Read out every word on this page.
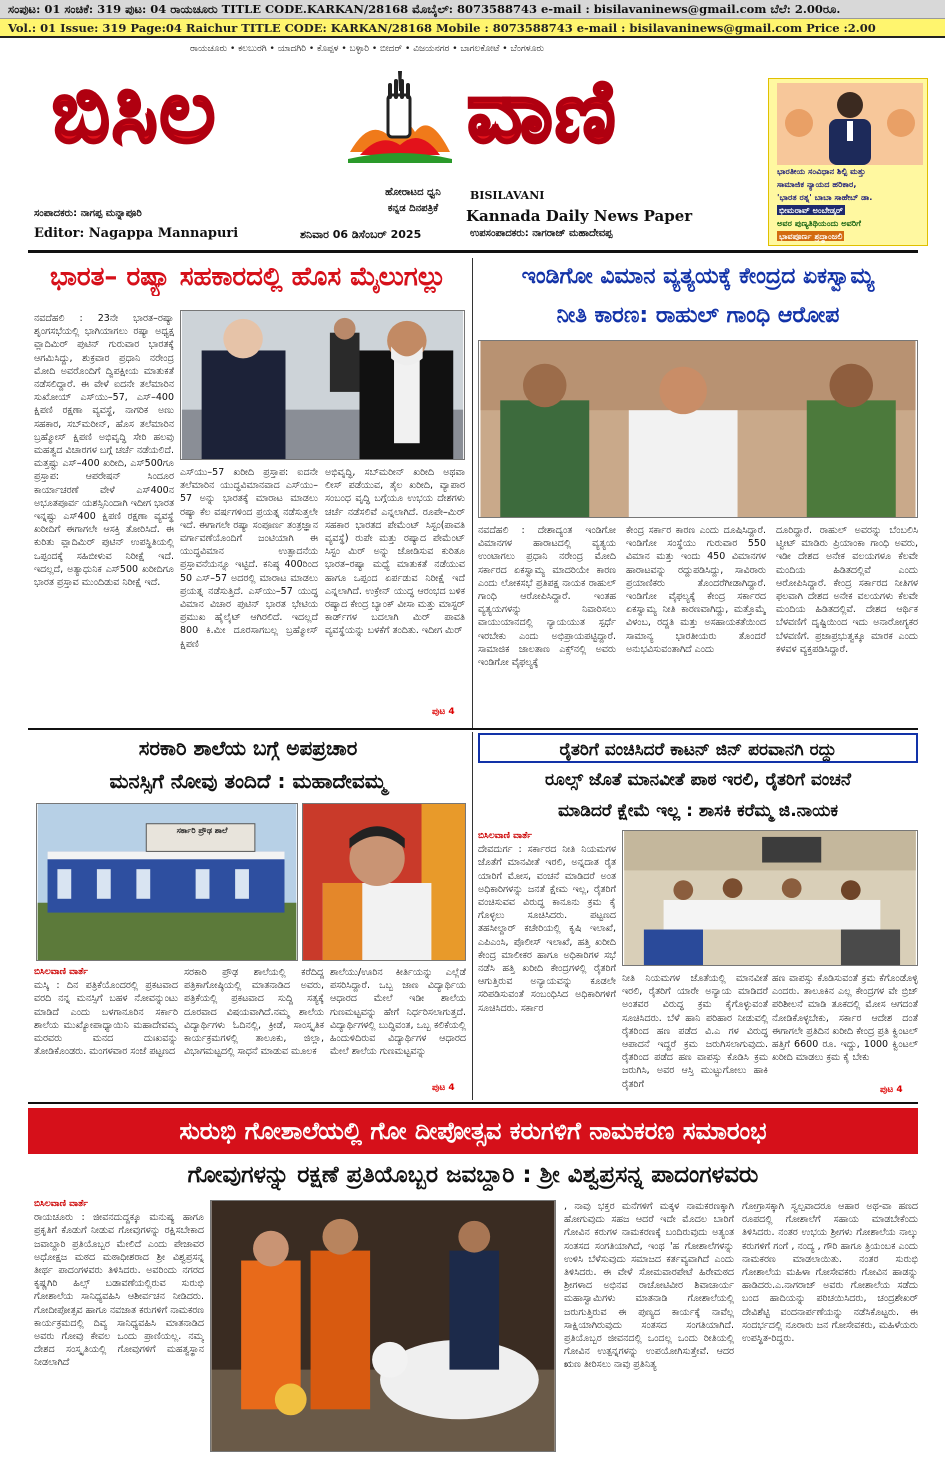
ಸಂಪುಟ: 01 ಸಂಚಿಕೆ: 319 ಪುಟ: 04 ರಾಯಚೂರು TITLE CODE.KARKAN/28168 ಮೊಬೈಲ್: 8073588743 e-mail : bisilavaninews@gmail.com ಬೆಲೆ: 2.00ರೂ.
Vol.: 01 Issue: 319 Page:04 Raichur TITLE CODE: KARKAN/28168 Mobile : 8073588743 e-mail : bisilavaninews@gmail.com Price :2.00
ರಾಯಚೂರು • ಕಲಬುರಗಿ • ಯಾದಗಿರಿ • ಕೊಪ್ಪಳ • ಬಳ್ಳಾರಿ • ಬೀದರ್ • ವಿಜಯನಗರ • ಬಾಗಲಕೋಟೆ • ಬೆಂಗಳೂರು
ಬಿಸಿಲ	ವಾಣಿ
ಹೋರಾಟದ ಧ್ವನಿ
ಕನ್ನಡ ದಿನಪತ್ರಿಕೆ
BISILAVANI
Kannada Daily News Paper
ಸಂಪಾದಕರು: ನಾಗಪ್ಪ ಮನ್ನಾಪೂರಿ
Editor: Nagappa Mannapuri	ಶನಿವಾರ 06 ಡಿಸೆಂಬರ್ 2025	ಉಪಸಂಪಾದಕರು: ನಾಗರಾಜ್ ಮಹಾದೇವಪ್ಪ
ಭಾರತೀಯ ಸಂವಿಧಾನ ಶಿಲ್ಪಿ ಮತ್ತು
ಸಾಮಾಜಿಕ ನ್ಯಾಯದ ಹರಿಕಾರ,
'ಭಾರತ ರತ್ನ' ಬಾಬಾ ಸಾಹೇಬ್ ಡಾ.
ಭೀಮರಾವ್ ಅಂಬೇಡ್ಕರ್
ಅವರ ಪುಣ್ಯತಿಥಿಯಂದು ಅವರಿಗೆ
ಭಾವಪೂರ್ಣ ಶ್ರದ್ಧಾಂಜಲಿ
ಭಾರತ– ರಷ್ಯಾ ಸಹಕಾರದಲ್ಲಿ ಹೊಸ ಮೈಲುಗಲ್ಲು
ನವದೆಹಲಿ : 23ನೇ ಭಾರತ–ರಷ್ಯಾ ಶೃಂಗಸಭೆಯಲ್ಲಿ ಭಾಗಿಯಾಗಲು ರಷ್ಯಾ ಅಧ್ಯಕ್ಷ ವ್ಲಾದಿಮಿರ್ ಪುಟಿನ್ ಗುರುವಾರ ಭಾರತಕ್ಕೆ ಆಗಮಿಸಿದ್ದು, ಶುಕ್ರವಾರ ಪ್ರಧಾನಿ ನರೇಂದ್ರ ಮೋದಿ ಅವರೊಂದಿಗೆ ದ್ವಿಪಕ್ಷೀಯ ಮಾತುಕತೆ ನಡೆಸಲಿದ್ದಾರೆ. ಈ ವೇಳೆ ಐದನೇ ತಲೆಮಾರಿನ ಸುಖೋಯ್ ಎಸ್‌ಯು–57, ಎಸ್–400 ಕ್ಷಿಪಣಿ ರಕ್ಷಣಾ ವ್ಯವಸ್ಥೆ, ನಾಗರಿಕ ಅಣು ಸಹಕಾರ, ಸಬ್‌ಮರೀನ್, ಹೊಸ ತಲೆಮಾರಿನ ಬ್ರಹ್ಮೋಸ್ ಕ್ಷಿಪಣಿ ಅಭಿವೃದ್ಧಿ ಸೇರಿ ಹಲವು ಮಹತ್ವದ ವಿಚಾರಗಳ ಬಗ್ಗೆ ಚರ್ಚೆ ನಡೆಯಲಿದೆ. ಮತ್ತಷ್ಟು ಎಸ್–400 ಖರೀದಿ, ಎಸ್500ಗೂ ಪ್ರಸ್ತಾಪ: ಆಪರೇಷನ್ ಸಿಂದೂರ ಕಾರ್ಯಾಚರಣೆ ವೇಳೆ ಎಸ್400ನ ಅಭೂತಪೂರ್ವ ಯಶಸ್ಸಿನಿಂದಾಗಿ ಇದೀಗ ಭಾರತ ಇನ್ನಷ್ಟು ಎಸ್400 ಕ್ಷಿಪಣಿ ರಕ್ಷಣಾ ವ್ಯವಸ್ಥೆ ಖರೀದಿಗೆ ಈಗಾಗಲೇ ಆಸಕ್ತಿ ತೋರಿಸಿದೆ. ಈ ಕುರಿತು ವ್ಲಾದಿಮಿರ್ ಪುಟಿನ್ ಉಪಸ್ಥಿತಿಯಲ್ಲಿ ಒಪ್ಪಂದಕ್ಕೆ ಸಹಿಬೀಳುವ ನಿರೀಕ್ಷೆ ಇದೆ. ಇದಲ್ಲದೆ, ಅತ್ಯಾಧುನಿಕ ಎಸ್500 ಖರೀದಿಗೂ ಭಾರತ ಪ್ರಸ್ತಾವ ಮುಂದಿಡುವ ನಿರೀಕ್ಷೆ ಇದೆ.
ಎಸ್‌ಯು–57 ಖರೀದಿ ಪ್ರಸ್ತಾಪ: ಐದನೇ ತಲೆಮಾರಿನ ಯುದ್ಧವಿಮಾನವಾದ ಎಸ್‌ಯು–57 ಅನ್ನು ಭಾರತಕ್ಕೆ ಮಾರಾಟ ಮಾಡಲು ರಷ್ಯಾ ಕೆಲ ವರ್ಷಗಳಿಂದ ಪ್ರಯತ್ನ ನಡೆಸುತ್ತಲೇ ಇದೆ. ಈಗಾಗಲೇ ರಷ್ಯಾ ಸಂಪೂರ್ಣ ತಂತ್ರಜ್ಞಾನ ವರ್ಗಾವಣೆಯೊಂದಿಗೆ ಜಂಟಿಯಾಗಿ ಈ ಯುದ್ಧವಿಮಾನ ಉತ್ಪಾದನೆಯ ಪ್ರಸ್ತಾವನೆಯನ್ನೂ ಇಟ್ಟಿದೆ. ಕನಿಷ್ಠ 400ರಿಂದ 50 ಎಸ್‌–57 ಅದರಲ್ಲಿ ಮಾರಾಟ ಮಾಡಲು ಪ್ರಯತ್ನ ನಡೆಸುತ್ತಿದೆ. ಎಸ್‌ಯು–57 ಯುದ್ಧ ವಿಮಾನ ವಿಚಾರ ಪುಟಿನ್ ಭಾರತ ಭೇಟಿಯ ಪ್ರಮುಖ ಹೈಲೈಟ್ ಆಗಿರಲಿದೆ. ಇದಲ್ಲದೆ 800 ಕಿ.ಮೀ ದೂರಸಾಗಬಲ್ಲ ಬ್ರಹ್ಮೋಸ್ ಕ್ಷಿಪಣಿ
ಅಭಿವೃದ್ಧಿ, ಸಬ್‌ಮರೀನ್ ಖರೀದಿ ಅಥವಾ ಲೀಸ್ ಪಡೆಯುವ, ತೈಲ ಖರೀದಿ, ವ್ಯಾಪಾರ ಸಂಬಂಧ ವೃದ್ಧಿ ಬಗ್ಗೆಯೂ ಉಭಯ ದೇಶಗಳು ಚರ್ಚೆ ನಡೆಸಲಿವೆ ಎನ್ನಲಾಗಿದೆ. ರೂಪೇ–ಮಿರ್ ಸಹಕಾರ ಭಾರತದ ಪೇಮೆಂಟ್ ಸಿಸ್ಟಂ(ಪಾವತಿ ವ್ಯವಸ್ಥೆ) ರುಪೇ ಮತ್ತು ರಷ್ಯಾದ ಪೇಮೆಂಟ್ ಸಿಸ್ಟಂ ಮಿರ್ ಅನ್ನು ಜೋಡಿಸುವ ಕುರಿತೂ ಭಾರತ–ರಷ್ಯಾ ಮಧ್ಯೆ ಮಾತುಕತೆ ನಡೆಯುವ ಹಾಗೂ ಒಪ್ಪಂದ ಏರ್ಪಡುವ ನಿರೀಕ್ಷೆ ಇದೆ ಎನ್ನಲಾಗಿದೆ. ಉಕ್ರೇನ್ ಯುದ್ಧ ಆರಂಭದ ಬಳಿಕ ರಷ್ಯಾದ ಕೇಂದ್ರ ಬ್ಯಾಂಕ್ ವೀಸಾ ಮತ್ತು ಮಾಸ್ಟರ್ ಕಾರ್ಡ್‌ಗಳ ಬದಲಾಗಿ ಮಿರ್ ಪಾವತಿ ವ್ಯವಸ್ಥೆಯನ್ನು ಬಳಕೆಗೆ ತಂದಿತು. ಇದೀಗ ಮಿರ್
ಪುಟ 4
ಇಂಡಿಗೋ ವಿಮಾನ ವ್ಯತ್ಯಯಕ್ಕೆ ಕೇಂದ್ರದ ಏಕಸ್ವಾಮ್ಯ
ನೀತಿ ಕಾರಣ: ರಾಹುಲ್ ಗಾಂಧಿ ಆರೋಪ
ನವದೆಹಲಿ : ದೇಶಾದ್ಯಂತ ಇಂಡಿಗೋ ವಿಮಾನಗಳ ಹಾರಾಟದಲ್ಲಿ ವ್ಯತ್ಯಯ ಉಂಟಾಗಲು ಪ್ರಧಾನಿ ನರೇಂದ್ರ ಮೋದಿ ಸರ್ಕಾರದ ಏಕಸ್ವಾಮ್ಯ ಮಾದರಿಯೇ ಕಾರಣ ಎಂದು ಲೋಕಸಭೆ ಪ್ರತಿಪಕ್ಷ ನಾಯಕ ರಾಹುಲ್ ಗಾಂಧಿ ಆರೋಪಿಸಿದ್ದಾರೆ. ಇಂತಹ ವ್ಯತ್ಯಯಗಳನ್ನು ನಿವಾರಿಸಲು ವಾಯುಯಾನದಲ್ಲಿ ನ್ಯಾಯಯುತ ಸ್ಪರ್ಧೆ ಇರಬೇಕು ಎಂದು ಅಭಿಪ್ರಾಯಪಟ್ಟಿದ್ದಾರೆ. ಸಾಮಾಜಿಕ ಜಾಲತಾಣ ಎಕ್ಸ್‌ನಲ್ಲಿ ಅವರು ಇಂಡಿಗೋ ವೈಫಲ್ಯಕ್ಕೆ
ಕೇಂದ್ರ ಸರ್ಕಾರ ಕಾರಣ ಎಂದು ದೂಷಿಸಿದ್ದಾರೆ. ಇಂಡಿಗೋ ಸಂಸ್ಥೆಯು ಗುರುವಾರ 550 ವಿಮಾನ ಮತ್ತು ಇಂದು 450 ವಿಮಾನಗಳ ಹಾರಾಟವನ್ನು ರದ್ದುಪಡಿಸಿದ್ದು, ಸಾವಿರಾರು ಪ್ರಯಾಣಿಕರು ತೊಂದರೆಗೀಡಾಗಿದ್ದಾರೆ. ಇಂಡಿಗೋ ವೈಫಲ್ಯಕ್ಕೆ ಕೇಂದ್ರ ಸರ್ಕಾರದ ಏಕಸ್ವಾಮ್ಯ ನೀತಿ ಕಾರಣವಾಗಿದ್ದು, ಮತ್ತೊಮ್ಮೆ ವಿಳಂಬ, ರದ್ದತಿ ಮತ್ತು ಅಸಹಾಯಕತೆಯಿಂದ ಸಾಮಾನ್ಯ ಭಾರತೀಯರು ತೊಂದರೆ ಅನುಭವಿಸುವಂತಾಗಿದೆ ಎಂದು
ದೂರಿದ್ದಾರೆ. ರಾಹುಲ್ ಅವರನ್ನು ಬೆಂಬಲಿಸಿ ಟ್ವೀಟ್ ಮಾಡಿರು ಪ್ರಿಯಾಂಕಾ ಗಾಂಧಿ ಅವರು, ಇಡೀ ದೇಶದ ಅನೇಕ ವಲಯಗಳೂ ಕೆಲವೇ ಮಂದಿಯ ಹಿಡಿತದಲ್ಲಿವೆ ಎಂದು ಆರೋಪಿಸಿದ್ದಾರೆ. ಕೇಂದ್ರ ಸರ್ಕಾರದ ನೀತಿಗಳ ಫಲವಾಗಿ ದೇಶದ ಅನೇಕ ವಲಯಗಳು ಕೆಲವೇ ಮಂದಿಯ ಹಿಡಿತದಲ್ಲಿವೆ. ದೇಶದ ಆರ್ಥಿಕ ಬೆಳವಣಿಗೆ ದೃಷ್ಟಿಯಿಂದ ಇದು ಅನಾರೋಗ್ಯಕರ ಬೆಳವಣಿಗೆ. ಪ್ರಜಾಪ್ರಭುತ್ವಕ್ಕೂ ಮಾರಕ ಎಂದು ಕಳವಳ ವ್ಯಕ್ತಪಡಿಸಿದ್ದಾರೆ.
ಸರಕಾರಿ ಶಾಲೆಯ ಬಗ್ಗೆ ಅಪಪ್ರಚಾರ
ಮನಸ್ಸಿಗೆ ನೋವು ತಂದಿದೆ : ಮಹಾದೇವಮ್ಮ
ಸರ್ಕಾರಿ ಪ್ರೌಢ ಶಾಲೆ
ಬಿಸಿಲವಾಣಿ ವಾರ್ತೆ
ಮಸ್ಕಿ : ದಿನ ಪತ್ರಿಕೆಯೊಂದರಲ್ಲಿ ಪ್ರಕಟವಾದ ವರದಿ ನನ್ನ ಮನಸ್ಸಿಗೆ ಬಹಳ ನೋವನ್ನುಂಟು ಮಾಡಿದೆ ಎಂದು ಬಳಗಾನೂರಿನ ಸರ್ಕಾರಿ ಶಾಲೆಯ ಮುಖ್ಯೋಪಾಧ್ಯಾಯಿನಿ ಮಹಾದೇವಮ್ಮ ಮರವರು ಮನದ ದುಃಖವನ್ನು ತೋಡಿಕೊಂಡರು. ಮಂಗಳವಾರ ಸಂಜೆ ಪಟ್ಟಣದ
ಸರಕಾರಿ ಪ್ರೌಢ ಶಾಲೆಯಲ್ಲಿ ಕರೆದಿದ್ದ ಪತ್ರಿಕಾಗೋಷ್ಠಿಯಲ್ಲಿ ಮಾತನಾಡಿದ ಅವರು, ಪತ್ರಿಕೆಯಲ್ಲಿ ಪ್ರಕಟವಾದ ಸುದ್ದಿ ಸತ್ಯಕ್ಕೆ ದೂರವಾದ ವಿಷಯವಾಗಿದೆ.ನಮ್ಮ ಶಾಲೆಯ ವಿದ್ಯಾರ್ಥಿಗಳು ಓದಿನಲ್ಲಿ, ಕ್ರೀಡೆ, ಸಾಂಸ್ಕೃತಿಕ ಕಾರ್ಯಕ್ರಮಗಳಲ್ಲಿ ತಾಲೂಕು, ಜಿಲ್ಲಾ, ವಿಭಾಗಮಟ್ಟದಲ್ಲಿ ಸಾಧನೆ ಮಾಡುವ ಮೂಲಕ
ಶಾಲೆಯು/ಊರಿನ ಕೀರ್ತಿಯನ್ನು ಎಲ್ಲೆಡೆ ಪಸರಿಸಿದ್ದಾರೆ. ಒಬ್ಬ ಜಾಣ ವಿದ್ಯಾರ್ಥಿಯ ಆಧಾರದ ಮೇಲೆ ಇಡೀ ಶಾಲೆಯ ಗುಣಮಟ್ಟವನ್ನು ಹೇಗೆ ನಿರ್ಧರಿಸಲಾಗುತ್ತದೆ. ವಿದ್ಯಾರ್ಥಿಗಳಲ್ಲಿ ಬುದ್ಧಿವಂತ, ಒಬ್ಬ ಕಲಿಕೆಯಲ್ಲಿ ಹಿಂದುಳಿದಿರುವ ವಿದ್ಯಾರ್ಥಿಗಳ ಆಧಾರದ ಮೇಲೆ ಶಾಲೆಯ ಗುಣಮಟ್ಟವನ್ನು
ಪುಟ 4
ರೈತರಿಗೆ ವಂಚಿಸಿದರೆ ಕಾಟನ್ ಜಿನ್ ಪರವಾನಗಿ ರದ್ದು
ರೂಲ್ಸ್ ಜೊತೆ ಮಾನವೀತೆ ಪಾಠ ಇರಲಿ, ರೈತರಿಗೆ ವಂಚನೆ
ಮಾಡಿದರೆ ಕ್ಷೇಮೆ ಇಲ್ಲ : ಶಾಸಕಿ ಕರೆಮ್ಮ ಜಿ.ನಾಯಕ
ಬಿಸಿಲವಾಣಿ ವಾರ್ತೆ
ದೇವದುರ್ಗ : ಸರ್ಕಾರದ ನೀತಿ ನಿಯಮಗಳ ಜೊತೆಗೆ ಮಾನವೀತೆ ಇರಲಿ, ಅನ್ನದಾತ ರೈತ ಯಾರಿಗೆ ಮೋಸ, ವಂಚನೆ ಮಾಡಿದರೆ ಅಂತ ಅಧಿಕಾರಿಗಳನ್ನು ಜನತೆ ಕ್ಷೇಮ ಇಲ್ಲ, ರೈತರಿಗೆ ವಂಚಿಸುವವ ವಿರುದ್ಧ ಕಾನೂನು ಕ್ರಮ ಕೈ ಗೊಳ್ಳಲು ಸೂಚಿಸಿದರು. ಪಟ್ಟಣದ ತಹಸೀಲ್ದಾರ್ ಕಚೇರಿಯಲ್ಲಿ ಕೃಷಿ ಇಲಾಖೆ, ಎಪಿಎಂಸಿ, ಪೊಲೀಸ್ ಇಲಾಖೆ, ಹತ್ತಿ ಖರೀದಿ ಕೇಂದ್ರ ಮಾಲೀಕರ ಹಾಗೂ ಅಧಿಕಾರಿಗಳ ಸಭೆ ನಡೆಸಿ ಹತ್ತಿ ಖರೀದಿ ಕೇಂದ್ರಗಳಲ್ಲಿ ರೈತರಿಗೆ ಆಗುತ್ತಿರುವ ಅನ್ಯಾಯವನ್ನು ಕೂಡಲೇ ಸರಿಪಡಿಸುವಂತೆ ಸಂಬಂಧಿಸಿದ ಅಧಿಕಾರಿಗಳಿಗೆ ಸೂಚಿಸಿದರು. ಸರ್ಕಾರ
ನೀತಿ ನಿಯಮಗಳ ಜೊತೆಯಲ್ಲಿ ಮಾನವೀತೆ ಇರಲಿ, ರೈತರಿಗೆ ಯಾರೇ ಅನ್ಯಾಯ ಮಾಡಿದರೆ ಅಂತವರ ವಿರುದ್ಧ ಕ್ರಮ ಕೈಗೊಳ್ಳುವಂತೆ ಸೂಚಿಸಿದರು. ಬೆಳೆ ಹಾನಿ ಪರಿಹಾರ ನೀಡುವಲ್ಲಿ ರೈತರಿಂದ ಹಣ ಪಡೆದ ವಿ.ಎ ಗಳ ವಿರುದ್ಧ ಆಪಾದನೆ ಇದ್ದರೆ ಕ್ರಮ ಜರುಗಿಸಲಾಗುವುದು. ರೈತರಿಂದ ಪಡೆದ ಹಣ ವಾಪಸ್ಸು ಕೊಡಿಸಿ ಕ್ರಮ ಜರುಗಿಸಿ, ಅವರ ಆಸ್ತಿ ಮುಟ್ಟುಗೋಲು ಹಾಕಿ ರೈತರಿಗೆ
ಹಣ ವಾಪಸ್ಸು ಕೊಡಿಸುವಂತೆ ಕ್ರಮ ಕೆಗೊಂಡೊಳ್ಳಿ ಎಂದರು. ತಾಲೂಕಿನ ಎಲ್ಲ ಕೇಂದ್ರಗಳ ವೇ ಬ್ರಿಜ್ ಪರಿಶೀಲನೆ ಮಾಡಿ ತೂಕದಲ್ಲಿ ಮೋಸ ಆಗದಂತೆ ನೋಡಿಕೊಳ್ಳಬೇಕು, ಸರ್ಕಾರ ಆದೇಶ ದಂತೆ ಈಗಾಗಲೇ ಪ್ರತಿದಿನ ಖರೀದಿ ಕೇಂದ್ರ ಪ್ರತಿ ಕ್ವಿಂಟಲ್ ಹತ್ತಿಗೆ 6600 ರೂ. ಇದ್ದು, 1000 ಕ್ವಿಂಟಲ್ ಖರೀದಿ ಮಾಡಲು ಕ್ರಮ ಕೈ ಬೇಕು
ಪುಟ 4
ಸುರುಭಿ ಗೋಶಾಲೆಯಲ್ಲಿ ಗೋ ದೀಪೋತ್ಸವ ಕರುಗಳಿಗೆ ನಾಮಕರಣ ಸಮಾರಂಭ
ಗೋವುಗಳನ್ನು ರಕ್ಷಣೆ ಪ್ರತಿಯೊಬ್ಬರ ಜವಬ್ದಾರಿ : ಶ್ರೀ ವಿಶ್ವಪ್ರಸನ್ನ ಪಾದಂಗಳವರು
ಬಿಸಿಲವಾಣಿ ವಾರ್ತೆ
ರಾಯಚೂರು : ಜೀವನದುದ್ದಕ್ಕೂ ಮನುಷ್ಯ ಹಾಗೂ ಪ್ರಕೃತಿಗೆ ಕೊಡುಗೆ ನೀಡುವ ಗೋವುಗಳನ್ನು ರಕ್ಷಿಸಬೇಕಾದ ಜವಾಬ್ದಾರಿ ಪ್ರತಿಯೊಬ್ಬರ ಮೇಲಿದೆ ಎಂದು ಪೇಜಾವರ ಅಧೋಕ್ಷಜ ಮಠದ ಮಠಾಧೀಶರಾದ ಶ್ರೀ ವಿಶ್ವಪ್ರಸನ್ನ ತೀರ್ಥ ಪಾದಂಗಳವರು ತಿಳಿಸಿದರು. ಅವರಿಂದು ನಗರದ ಕೃಷ್ಣಗಿರಿ ಹಿಲ್ಸ್ ಬಡಾವಣೆಯಲ್ಲಿರುವ ಸುರುಭಿ ಗೋಶಾಲೆಯ ಸಾನಿಧ್ಯವಹಿಸಿ ಆಶೀರ್ವಚನ ನೀಡಿದರು. ಗೋದೀಪೋತ್ಸವ ಹಾಗೂ ನವಜಾತ ಕರುಗಳಿಗೆ ನಾಮಕರಣ ಕಾರ್ಯಕ್ರಮದಲ್ಲಿ ದಿವ್ಯ ಸಾನಿಧ್ಯವಹಿಸಿ ಮಾತನಾಡಿದ ಅವರು ಗೋವು ಕೇವಲ ಒಂದು ಪ್ರಾಣಿಯಲ್ಲ. ನಮ್ಮ ದೇಶದ ಸಂಸ್ಕೃತಿಯಲ್ಲಿ ಗೋವುಗಳಿಗೆ ಮಹತ್ವಸ್ಥಾನ ನೀಡಲಾಗಿದೆ
, ನಾವು ಭಕ್ತರ ಮನೆಗಳಿಗೆ ಮಕ್ಕಳ ನಾಮಕರಣಕ್ಕಾಗಿ ಹೋಗುವುದು ಸಹಜ ಆದರೆ ಇದೇ ಮೊದಲ ಬಾರಿಗೆ ಗೋವಿನ ಕರುಗಳ ನಾಮಕರಣಕ್ಕೆ ಬಂದಿರುವುದು ಅತ್ಯಂತ ಸಂತಸದ ಸಂಗತಿಯಾಗಿದೆ, ಇಂಥ 'ಹ ಗೋಶಾಲೆಗಳನ್ನು ಉಳಿಸಿ ಬೆಳೆಸುವುದು ಸಮಾಜದ ಕರ್ತವ್ಯವಾಗಿದೆ ಎಂದು ತಿಳಿಸಿದರು. ಈ ವೇಳೆ ಸೋಮವಾರಪೇಟೆ ಹಿರೇಮಠದ ಶ್ರೀಗಳಾದ ಅಭಿನವ ರಾಚೋಟಿವೀರ ಶಿವಾಚಾರ್ಯ ಮಹಾಸ್ವಾಮಿಗಳು ಮಾತನಾಡಿ ಗೋಶಾಲೆಯಲ್ಲಿ ಜರುಗುತ್ತಿರುವ ಈ ಪುಣ್ಯದ ಕಾರ್ಯಕ್ಕೆ ನಾವೆಲ್ಲ ಸಾಕ್ಷಿಯಾಗಿರುವುದು ಸಂತಸದ ಸಂಗತಿಯಾಗಿದೆ. ಪ್ರತಿಯೊಬ್ಬರ ಜೀವನದಲ್ಲಿ ಒಂದಲ್ಲ ಒಂದು ರೀತಿಯಲ್ಲಿ ಗೋವಿನ ಉತ್ಪನ್ನಗಳನ್ನು ಉಪಯೋಗಿಸುತ್ತೇವೆ. ಆದರ ಋಣ ತೀರಿಸಲು ನಾವು ಪ್ರತಿನಿತ್ಯ
ಗೋಗ್ರಾಸಕ್ಕಾಗಿ ಸ್ವಲ್ಪವಾದರೂ ಆಹಾರ ಅಥ-ವಾ ಹಣದ ರೂಪದಲ್ಲಿ ಗೋಶಾಲೆಗೆ ಸಹಾಯ ಮಾಡಬೇಕೆಂದು ತಿಳಿಸಿದರು. ನಂತರ ಉಭಯ ಶ್ರೀಗಳು ಗೋಶಾಲೆಯ ನಾಲ್ಕು ಕರುಗಳಿಗೆ ಗಂಗೆ , ನಂದ್ಯ , ಗೌರಿ ಹಾಗೂ ತ್ರಿಯಂಬಕ ಎಂದು ನಾಮಕರಣ ಮಾಡಲಾಯಿತು. ನಂತರ ಸುರುಭಿ ಗೋಶಾಲೆಯ ಮಹಿಳಾ ಗೋಸೇವಕರು ಗೋವಿನ ಹಾಡನ್ನು ಹಾಡಿದರು.ಎ.ನಾಗರಾಜ್ ಅವರು ಗೋಶಾಲೆಯ ಸಡೆದು ಬಂದ ಹಾದಿಯನ್ನು ಪರಿಚಯಿಸಿದರು, ಚಂದ್ರಶೇಖರ್ ದೇವಿಶೆಟ್ಟಿ ವಂದನಾರ್ಪಣೆಯನ್ನು ನಡೆಸಿಕೊಟ್ಟರು. ಈ ಸಂದರ್ಭದಲ್ಲಿ ನೂರಾರು ಜನ ಗೋಸೇವಕರು, ಮಹಿಳೆಯರು ಉಪಸ್ಥಿತ-ರಿದ್ದರು.
